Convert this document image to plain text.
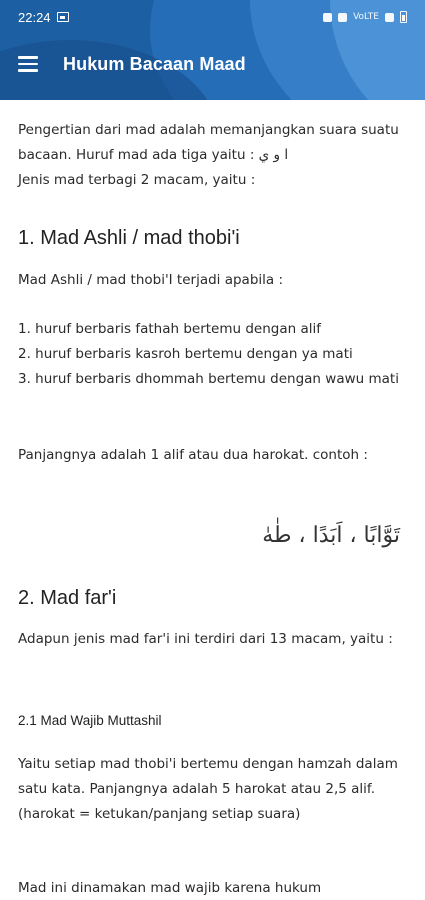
22:24	VoLTE
Hukum Bacaan Maad
Pengertian dari mad adalah memanjangkan suara suatu bacaan. Huruf mad ada tiga yaitu : ا و ي
Jenis mad terbagi 2 macam, yaitu :
1. Mad Ashli / mad thobi'i
Mad Ashli / mad thobi'I terjadi apabila :
1. huruf berbaris fathah bertemu dengan alif
2. huruf berbaris kasroh bertemu dengan ya mati
3. huruf berbaris dhommah bertemu dengan wawu mati
Panjangnya adalah 1 alif atau dua harokat. contoh :
تَوَّابًا ، اَبَدًا ، طٰهٰ
2. Mad far'i
Adapun jenis mad far'i ini terdiri dari 13 macam, yaitu :
2.1 Mad Wajib Muttashil
Yaitu setiap mad thobi'i bertemu dengan hamzah dalam satu kata. Panjangnya adalah 5 harokat atau 2,5 alif. (harokat = ketukan/panjang setiap suara)
Mad ini dinamakan mad wajib karena hukum
